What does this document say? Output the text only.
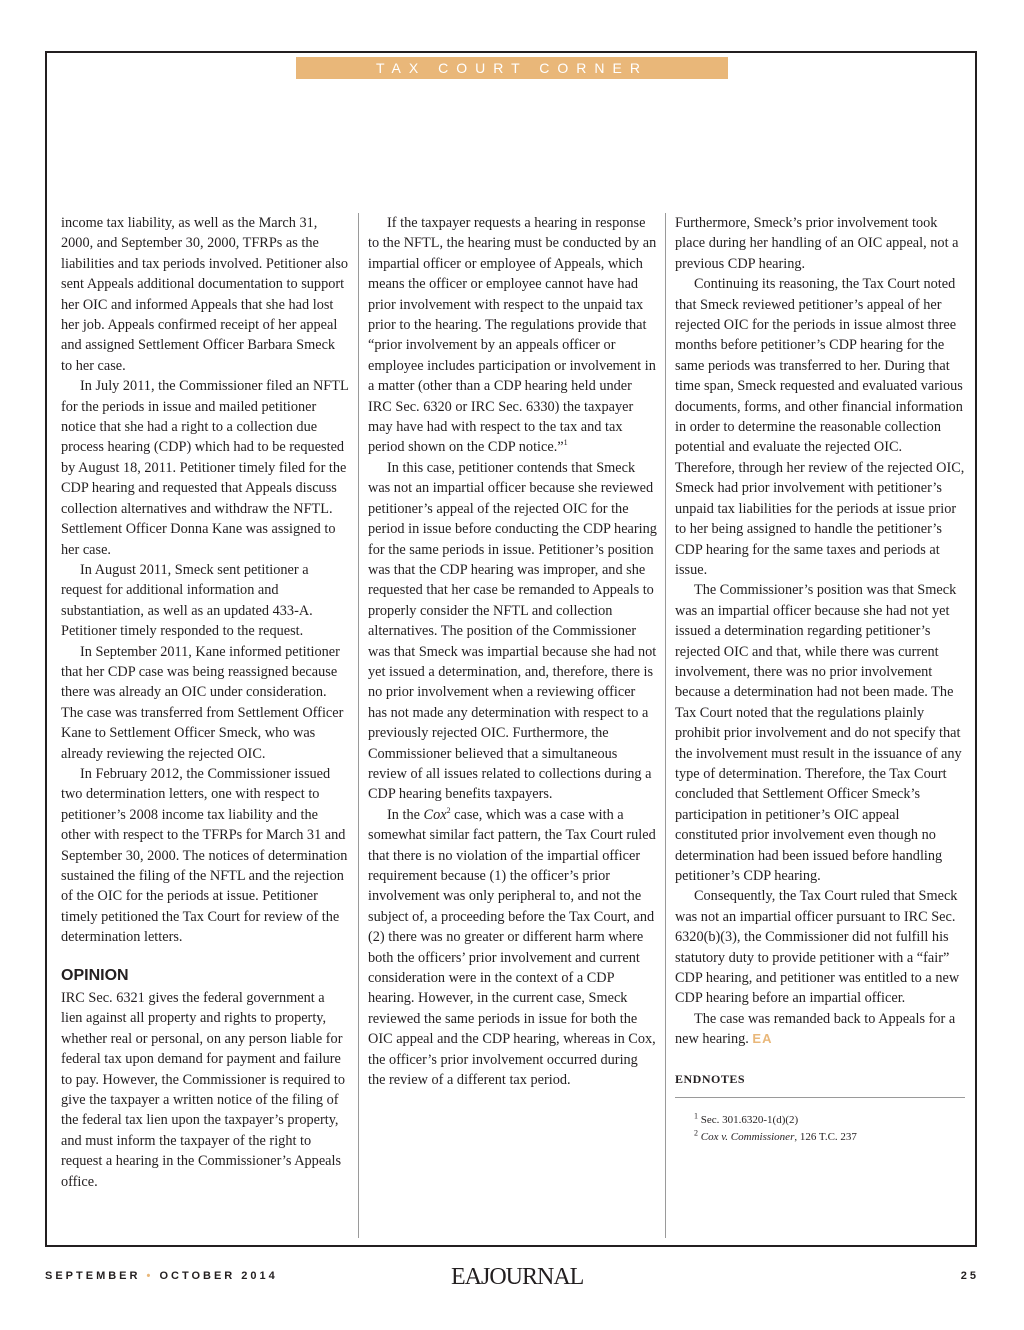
TAX COURT CORNER

income tax liability, as well as the March 31, 2000, and September 30, 2000, TFRPs as the liabilities and tax periods involved. Petitioner also sent Appeals additional documentation to support her OIC and informed Appeals that she had lost her job. Appeals confirmed receipt of her appeal and assigned Settlement Officer Barbara Smeck to her case.

In July 2011, the Commissioner filed an NFTL for the periods in issue and mailed petitioner notice that she had a right to a collection due process hearing (CDP) which had to be requested by August 18, 2011. Petitioner timely filed for the CDP hearing and requested that Appeals discuss collection alternatives and withdraw the NFTL. Settlement Officer Donna Kane was assigned to her case.

In August 2011, Smeck sent petitioner a request for additional information and substantiation, as well as an updated 433-A. Petitioner timely responded to the request.

In September 2011, Kane informed petitioner that her CDP case was being reassigned because there was already an OIC under consideration. The case was transferred from Settlement Officer Kane to Settlement Officer Smeck, who was already reviewing the rejected OIC.

In February 2012, the Commissioner issued two determination letters, one with respect to petitioner’s 2008 income tax liability and the other with respect to the TFRPs for March 31 and September 30, 2000. The notices of determination sustained the filing of the NFTL and the rejection of the OIC for the periods at issue. Petitioner timely petitioned the Tax Court for review of the determination letters.

OPINION

IRC Sec. 6321 gives the federal government a lien against all property and rights to property, whether real or personal, on any person liable for federal tax upon demand for payment and failure to pay. However, the Commissioner is required to give the taxpayer a written notice of the filing of the federal tax lien upon the taxpayer’s property, and must inform the taxpayer of the right to request a hearing in the Commissioner’s Appeals office.

If the taxpayer requests a hearing in response to the NFTL, the hearing must be conducted by an impartial officer or employee of Appeals, which means the officer or employee cannot have had prior involvement with respect to the unpaid tax prior to the hearing. The regulations provide that “prior involvement by an appeals officer or employee includes participation or involvement in a matter (other than a CDP hearing held under IRC Sec. 6320 or IRC Sec. 6330) the taxpayer may have had with respect to the tax and tax period shown on the CDP notice.”$^1$

In this case, petitioner contends that Smeck was not an impartial officer because she reviewed petitioner’s appeal of the rejected OIC for the period in issue before conducting the CDP hearing for the same periods in issue. Petitioner’s position was that the CDP hearing was improper, and she requested that her case be remanded to Appeals to properly consider the NFTL and collection alternatives. The position of the Commissioner was that Smeck was impartial because she had not yet issued a determination, and, therefore, there is no prior involvement when a reviewing officer has not made any determination with respect to a previously rejected OIC. Furthermore, the Commissioner believed that a simultaneous review of all issues related to collections during a CDP hearing benefits taxpayers.

In the Cox$^2$ case, which was a case with a somewhat similar fact pattern, the Tax Court ruled that there is no violation of the impartial officer requirement because (1) the officer’s prior involvement was only peripheral to, and not the subject of, a proceeding before the Tax Court, and (2) there was no greater or different harm where both the officers’ prior involvement and current consideration were in the context of a CDP hearing. However, in the current case, Smeck reviewed the same periods in issue for both the OIC appeal and the CDP hearing, whereas in Cox, the officer’s prior involvement occurred during the review of a different tax period.

Furthermore, Smeck’s prior involvement took place during her handling of an OIC appeal, not a previous CDP hearing.

Continuing its reasoning, the Tax Court noted that Smeck reviewed petitioner’s appeal of her rejected OIC for the periods in issue almost three months before petitioner’s CDP hearing for the same periods was transferred to her. During that time span, Smeck requested and evaluated various documents, forms, and other financial information in order to determine the reasonable collection potential and evaluate the rejected OIC. Therefore, through her review of the rejected OIC, Smeck had prior involvement with petitioner’s unpaid tax liabilities for the periods at issue prior to her being assigned to handle the petitioner’s CDP hearing for the same taxes and periods at issue.

The Commissioner’s position was that Smeck was an impartial officer because she had not yet issued a determination regarding petitioner’s rejected OIC and that, while there was current involvement, there was no prior involvement because a determination had not been made. The Tax Court noted that the regulations plainly prohibit prior involvement and do not specify that the involvement must result in the issuance of any type of determination. Therefore, the Tax Court concluded that Settlement Officer Smeck’s participation in petitioner’s OIC appeal constituted prior involvement even though no determination had been issued before handling petitioner’s CDP hearing.

Consequently, the Tax Court ruled that Smeck was not an impartial officer pursuant to IRC Sec. 6320(b)(3), the Commissioner did not fulfill his statutory duty to provide petitioner with a “fair” CDP hearing, and petitioner was entitled to a new CDP hearing before an impartial officer.

The case was remanded back to Appeals for a new hearing. EA

ENDNOTES

$^1$ Sec. 301.6320-1(d)(2)

$^2$ Cox v. Commissioner, 126 T.C. 237

SEPTEMBER • OCTOBER 2014	EAJOURNAL	25
